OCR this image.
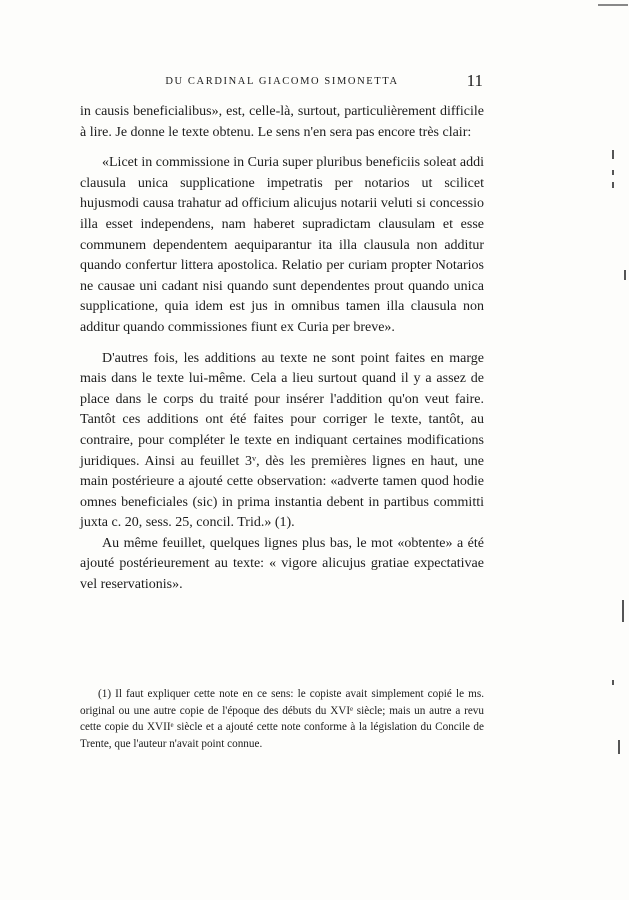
DU CARDINAL GIACOMO SIMONETTA	11

in causis beneficialibus», est, celle-là, surtout, particulièrement difficile à lire. Je donne le texte obtenu. Le sens n'en sera pas encore très clair:

«Licet in commissione in Curia super pluribus beneficiis soleat addi clausula unica supplicatione impetratis per notarios ut scilicet hujusmodi causa trahatur ad officium alicujus notarii veluti si concessio illa esset independens, nam haberet supradictam clausulam et esse communem dependentem aequiparantur ita illa clausula non additur quando confertur littera apostolica. Relatio per curiam propter Notarios ne causae uni cadant nisi quando sunt dependentes prout quando unica supplicatione, quia idem est jus in omnibus tamen illa clausula non additur quando commissiones fiunt ex Curia per breve».

D'autres fois, les additions au texte ne sont point faites en marge mais dans le texte lui-même. Cela a lieu surtout quand il y a assez de place dans le corps du traité pour insérer l'addition qu'on veut faire. Tantôt ces additions ont été faites pour corriger le texte, tantôt, au contraire, pour compléter le texte en indiquant certaines modifications juridiques. Ainsi au feuillet 3ᵛ, dès les premières lignes en haut, une main postérieure a ajouté cette observation: «adverte tamen quod hodie omnes beneficiales (sic) in prima instantia debent in partibus committi juxta c. 20, sess. 25, concil. Trid.» (1).

Au même feuillet, quelques lignes plus bas, le mot «obtente» a été ajouté postérieurement au texte: « vigore alicujus gratiae expectativae vel reservationis».

(1) Il faut expliquer cette note en ce sens: le copiste avait simplement copié le ms. original ou une autre copie de l'époque des débuts du XVIᵉ siècle; mais un autre a revu cette copie du XVIIᵉ siècle et a ajouté cette note conforme à la législation du Concile de Trente, que l'auteur n'avait point connue.
